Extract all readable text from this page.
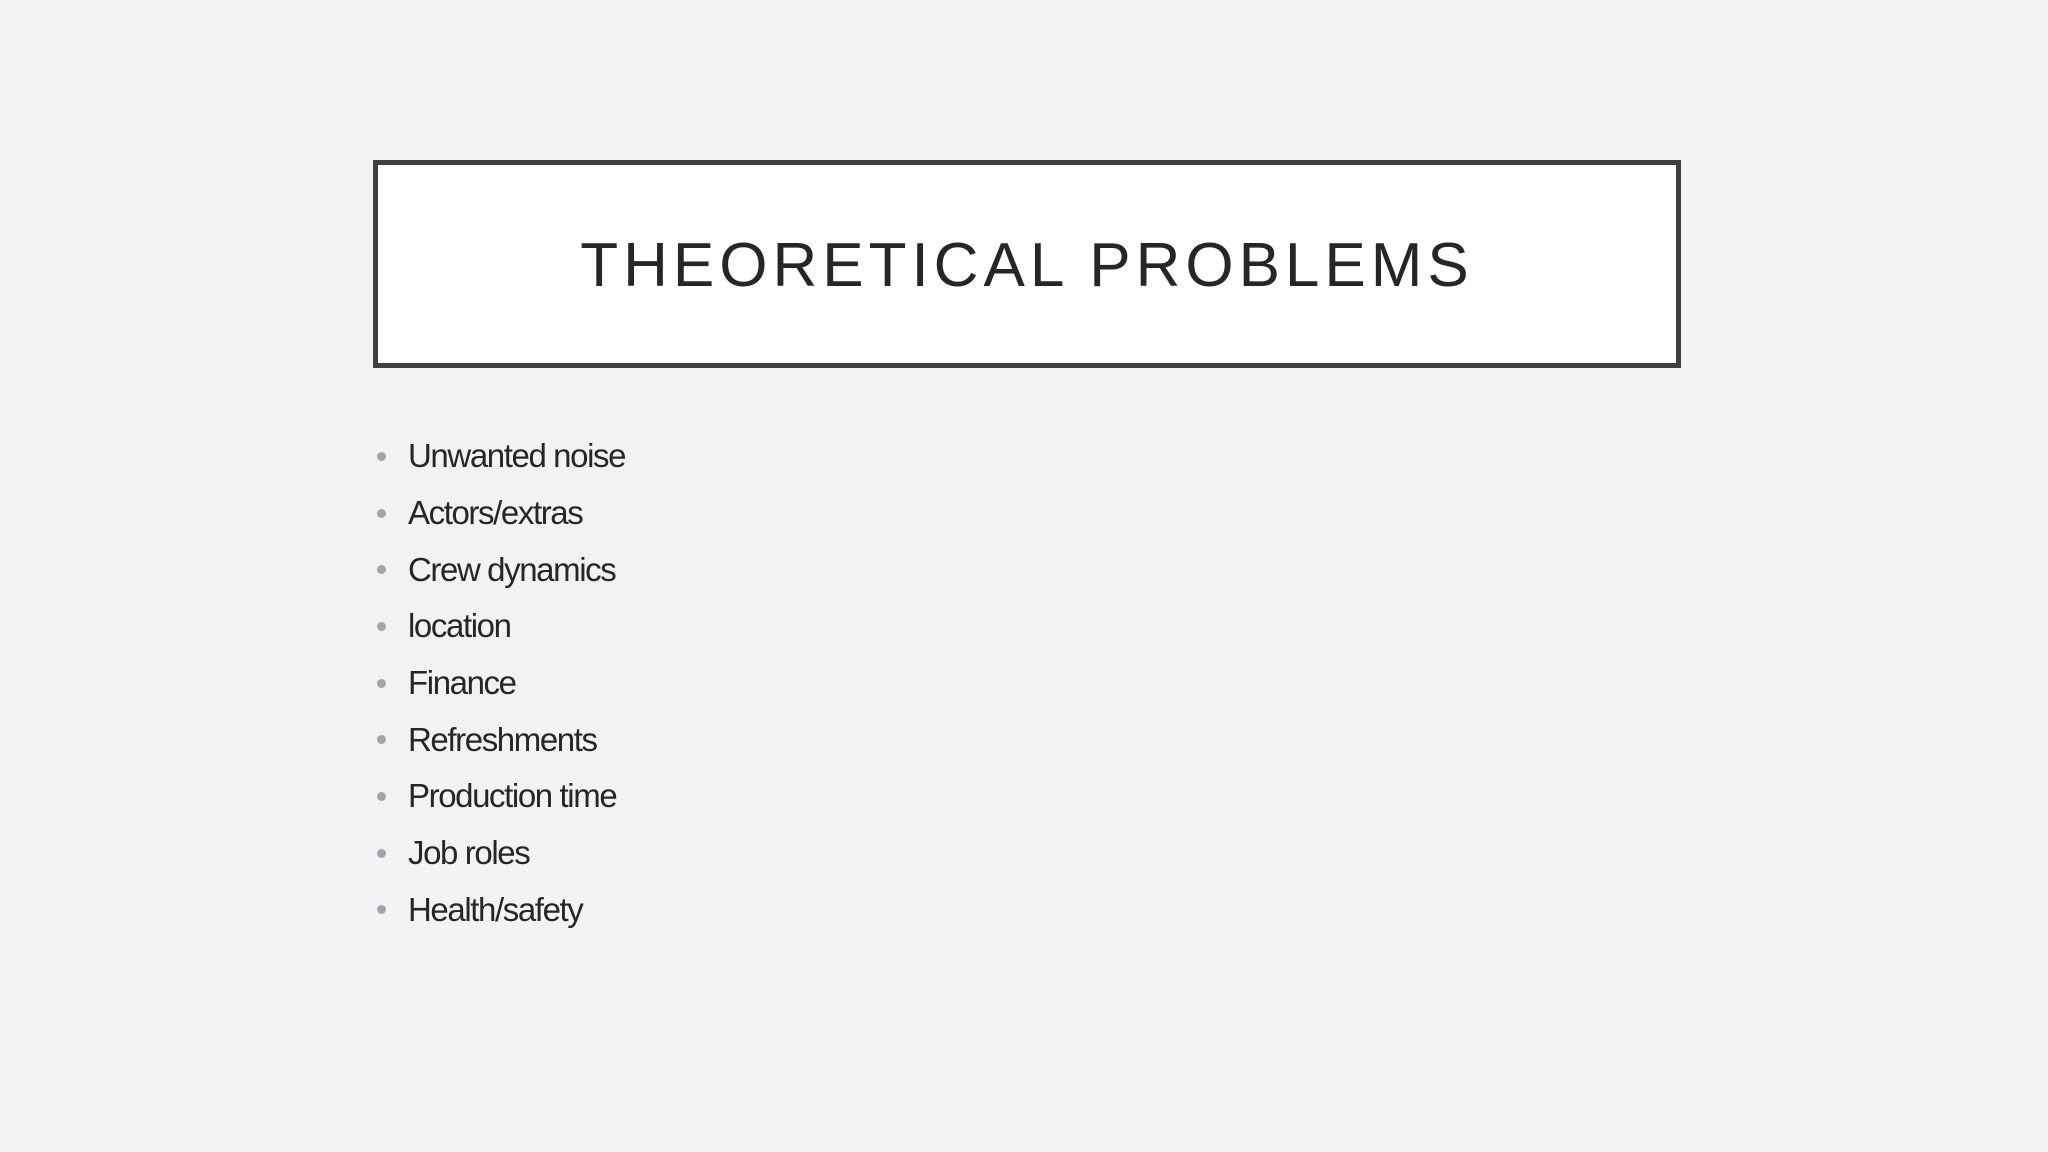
THEORETICAL PROBLEMS
Unwanted noise
Actors/extras
Crew dynamics
location
Finance
Refreshments
Production time
Job roles
Health/safety
